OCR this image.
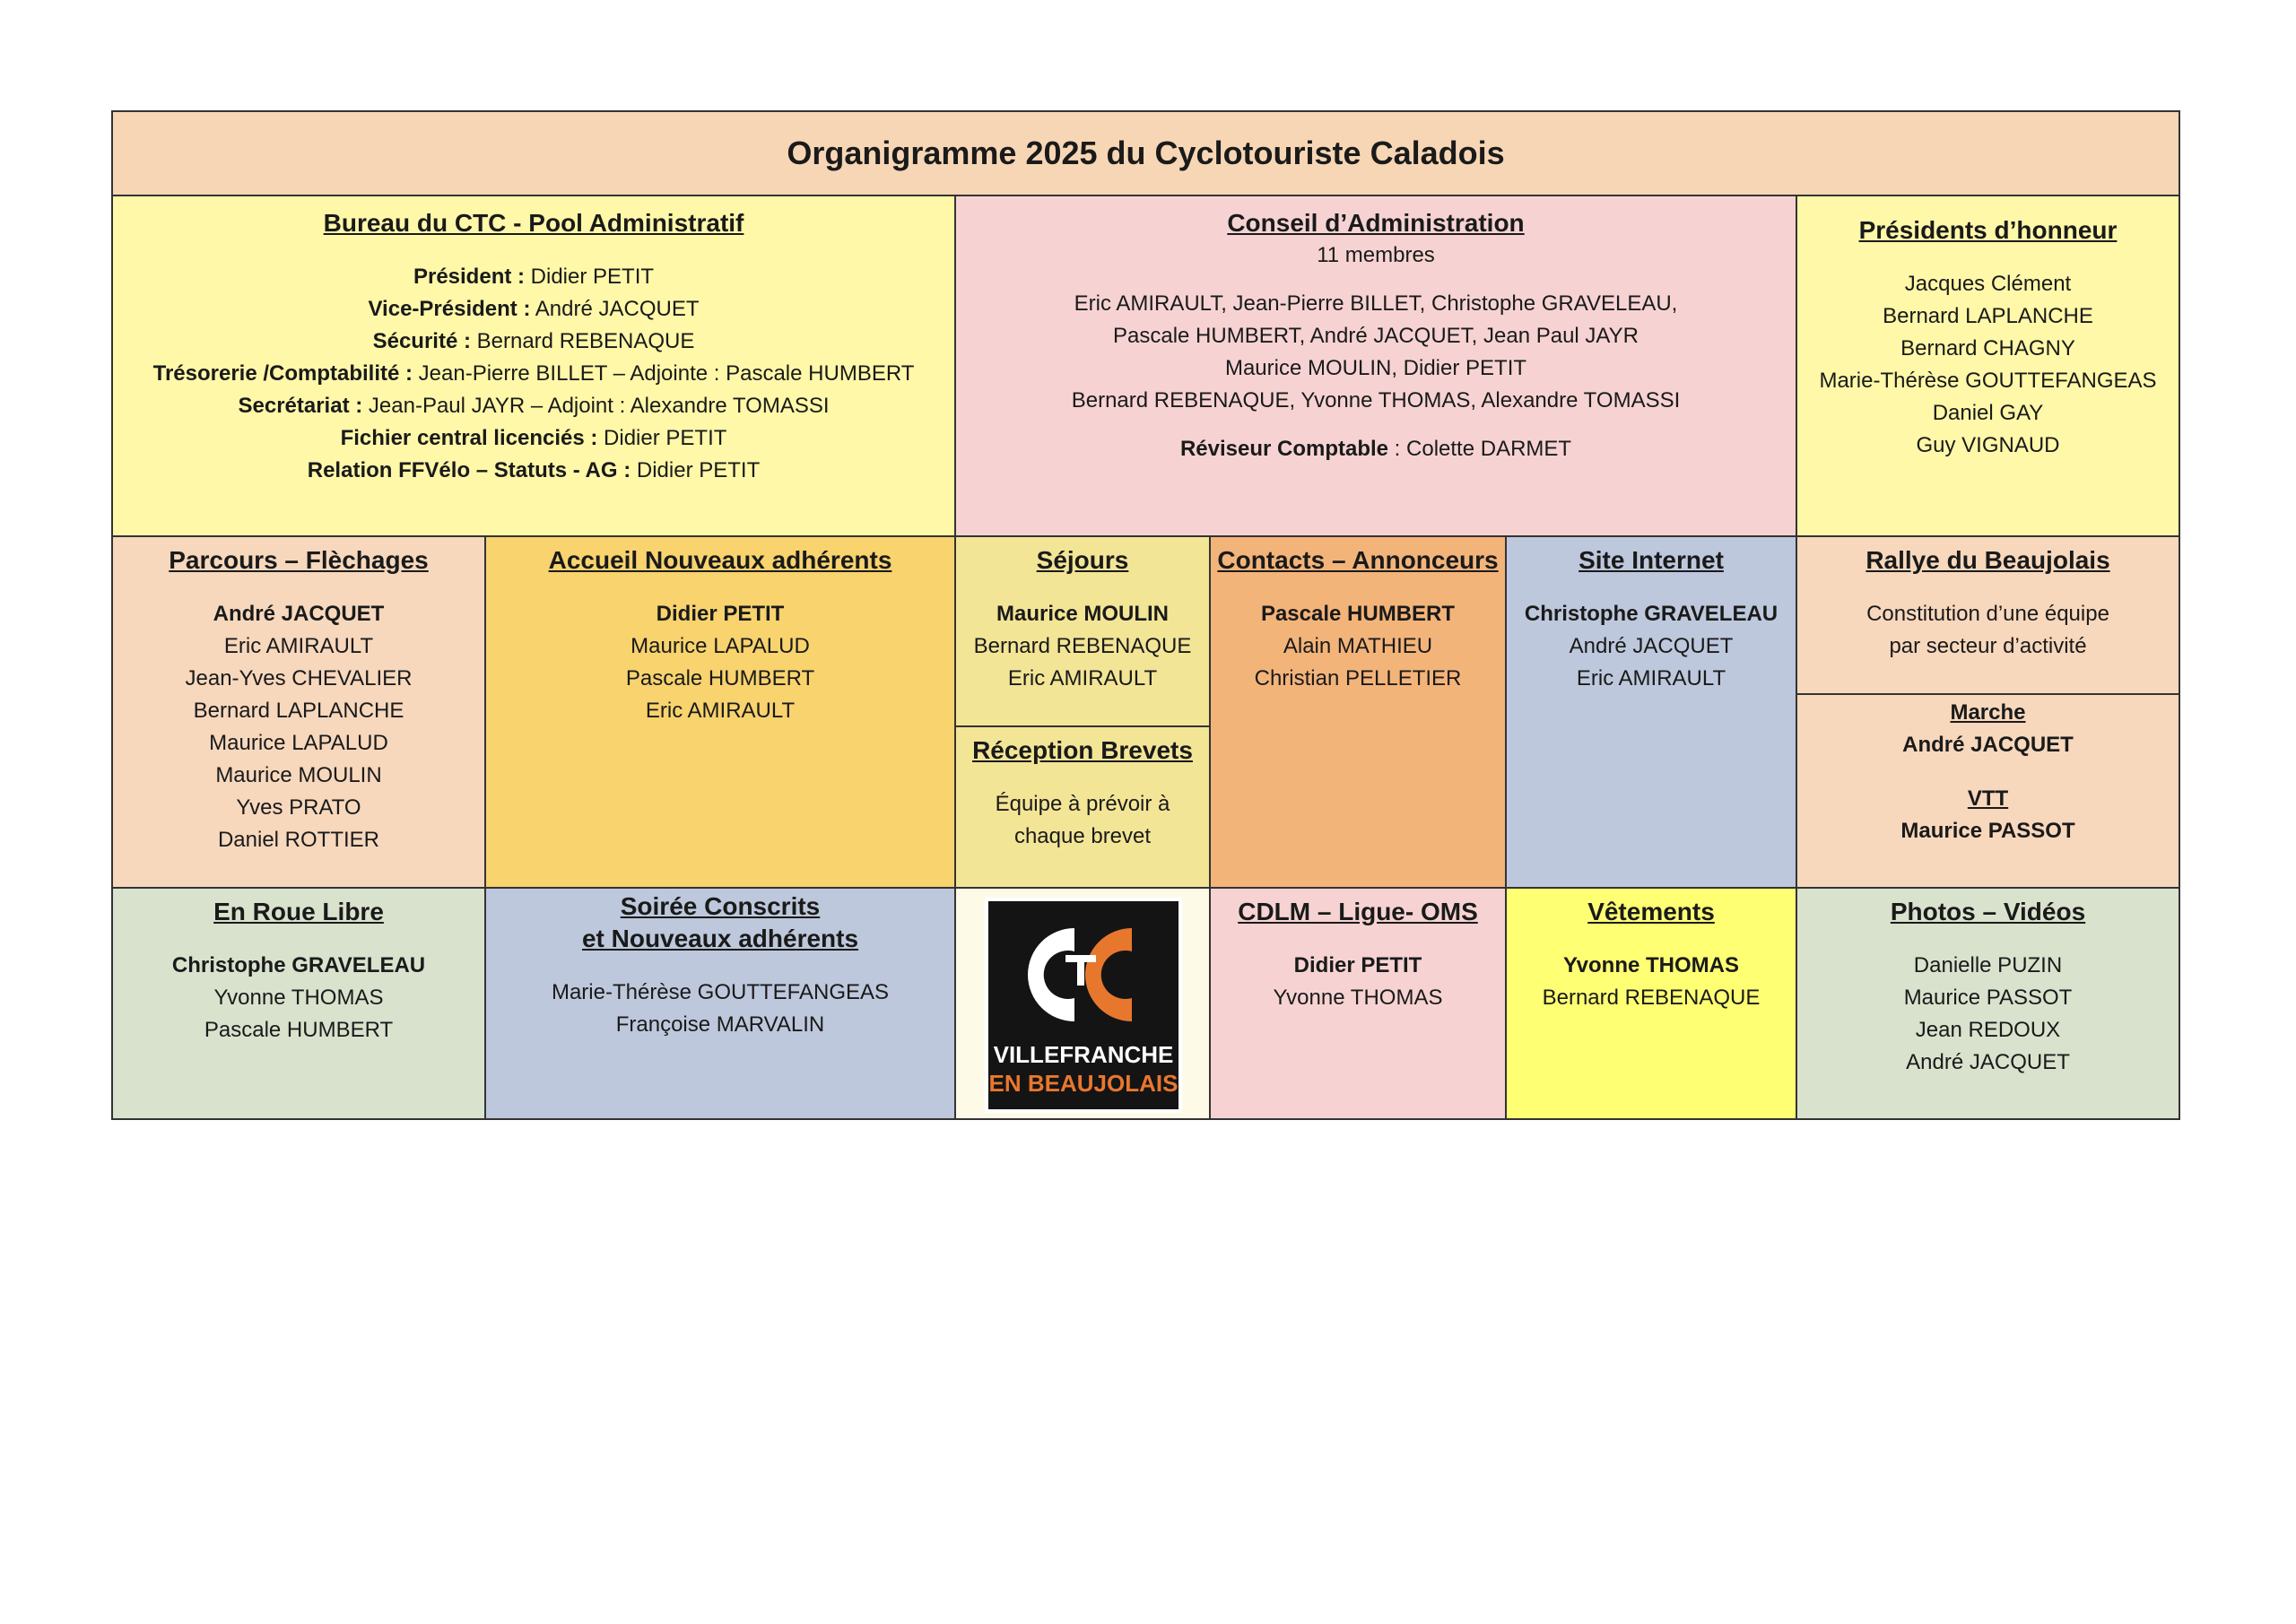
Organigramme 2025 du Cyclotouriste Caladois
Bureau du CTC - Pool Administratif
Président : Didier PETIT
Vice-Président : André JACQUET
Sécurité : Bernard REBENAQUE
Trésorerie /Comptabilité : Jean-Pierre BILLET – Adjointe : Pascale HUMBERT
Secrétariat : Jean-Paul JAYR – Adjoint : Alexandre TOMASSI
Fichier central licenciés : Didier PETIT
Relation FFVélo – Statuts - AG : Didier PETIT
Conseil d’Administration
11 membres
Eric AMIRAULT, Jean-Pierre BILLET, Christophe GRAVELEAU,
Pascale HUMBERT, André JACQUET, Jean Paul JAYR
Maurice MOULIN, Didier PETIT
Bernard REBENAQUE, Yvonne THOMAS, Alexandre TOMASSI
Réviseur Comptable : Colette DARMET
Présidents d’honneur
Jacques Clément
Bernard LAPLANCHE
Bernard CHAGNY
Marie-Thérèse GOUTTEFANGEAS
Daniel GAY
Guy VIGNAUD
Parcours – Flèchages
André JACQUET
Eric AMIRAULT
Jean-Yves CHEVALIER
Bernard LAPLANCHE
Maurice LAPALUD
Maurice MOULIN
Yves PRATO
Daniel ROTTIER
Accueil Nouveaux adhérents
Didier PETIT
Maurice LAPALUD
Pascale HUMBERT
Eric AMIRAULT
Séjours
Maurice MOULIN
Bernard REBENAQUE
Eric AMIRAULT
Réception Brevets
Équipe à prévoir à
chaque brevet
Contacts – Annonceurs
Pascale HUMBERT
Alain MATHIEU
Christian PELLETIER
Site Internet
Christophe GRAVELEAU
André JACQUET
Eric AMIRAULT
Rallye du Beaujolais
Constitution d’une équipe
par secteur d’activité
Marche
André JACQUET
VTT
Maurice PASSOT
En Roue Libre
Christophe GRAVELEAU
Yvonne THOMAS
Pascale HUMBERT
Soirée Conscrits
et Nouveaux adhérents
Marie-Thérèse GOUTTEFANGEAS
Françoise MARVALIN
VILLEFRANCHE
EN BEAUJOLAIS
CDLM – Ligue- OMS
Didier PETIT
Yvonne THOMAS
Vêtements
Yvonne THOMAS
Bernard REBENAQUE
Photos – Vidéos
Danielle PUZIN
Maurice PASSOT
Jean REDOUX
André JACQUET
